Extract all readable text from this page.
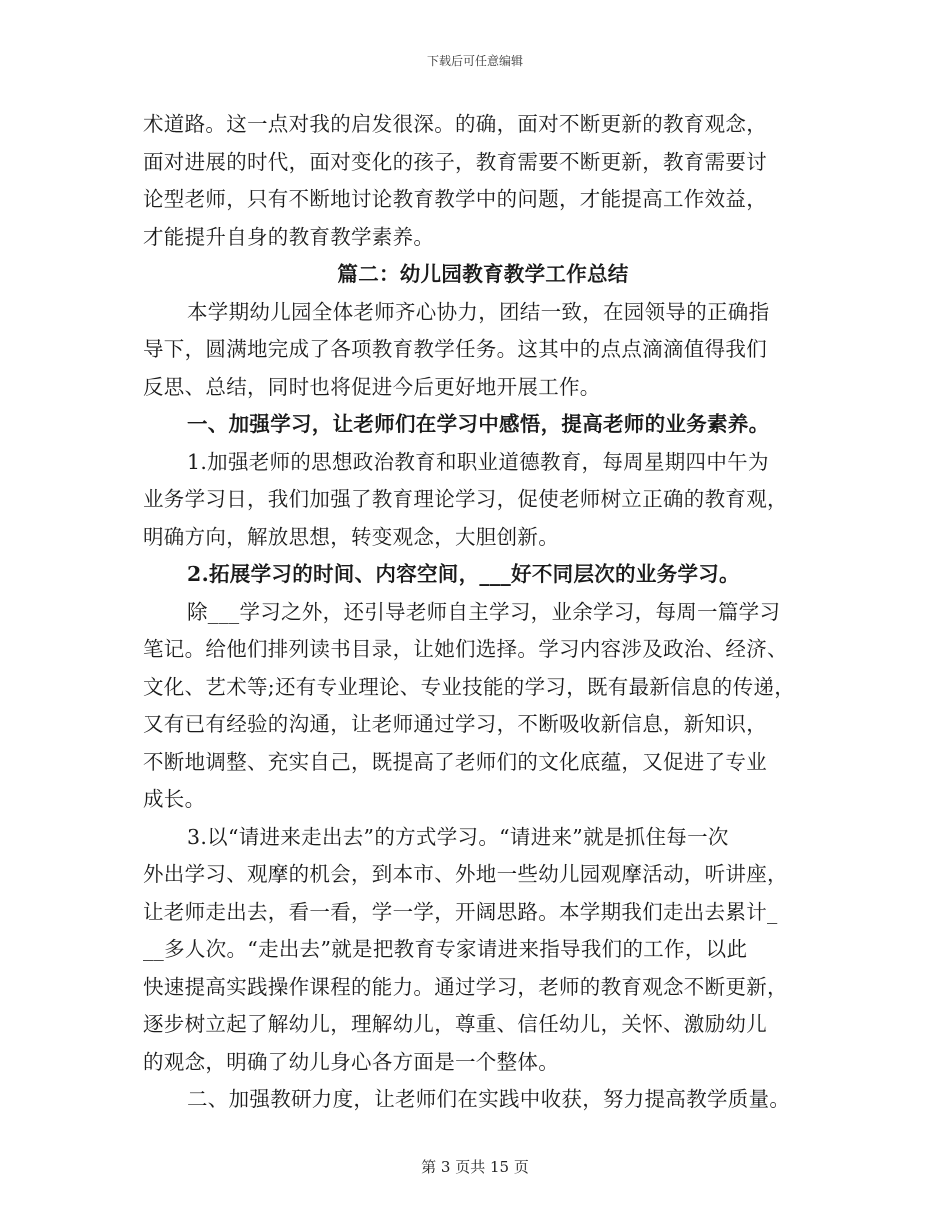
下载后可任意编辑
术道路。这一点对我的启发很深。的确，面对不断更新的教育观念，
面对进展的时代，面对变化的孩子，教育需要不断更新，教育需要讨
论型老师，只有不断地讨论教育教学中的问题，才能提高工作效益，
才能提升自身的教育教学素养。
篇二：幼儿园教育教学工作总结
本学期幼儿园全体老师齐心协力，团结一致，在园领导的正确指
导下，圆满地完成了各项教育教学任务。这其中的点点滴滴值得我们
反思、总结，同时也将促进今后更好地开展工作。
一、加强学习，让老师们在学习中感悟，提高老师的业务素养。
1.加强老师的思想政治教育和职业道德教育，每周星期四中午为
业务学习日，我们加强了教育理论学习，促使老师树立正确的教育观，
明确方向，解放思想，转变观念，大胆创新。
2.拓展学习的时间、内容空间，___好不同层次的业务学习。
除___学习之外，还引导老师自主学习，业余学习，每周一篇学习
笔记。给他们排列读书目录，让她们选择。学习内容涉及政治、经济、
文化、艺术等;还有专业理论、专业技能的学习，既有最新信息的传递，
又有已有经验的沟通，让老师通过学习，不断吸收新信息，新知识，
不断地调整、充实自己，既提高了老师们的文化底蕴，又促进了专业
成长。
3.以“请进来走出去”的方式学习。“请进来”就是抓住每一次
外出学习、观摩的机会，到本市、外地一些幼儿园观摩活动，听讲座，
让老师走出去，看一看，学一学，开阔思路。本学期我们走出去累计_
__多人次。“走出去”就是把教育专家请进来指导我们的工作，以此
快速提高实践操作课程的能力。通过学习，老师的教育观念不断更新，
逐步树立起了解幼儿，理解幼儿，尊重、信任幼儿，关怀、激励幼儿
的观念，明确了幼儿身心各方面是一个整体。
二、加强教研力度，让老师们在实践中收获，努力提高教学质量。
第 3 页共 15 页
